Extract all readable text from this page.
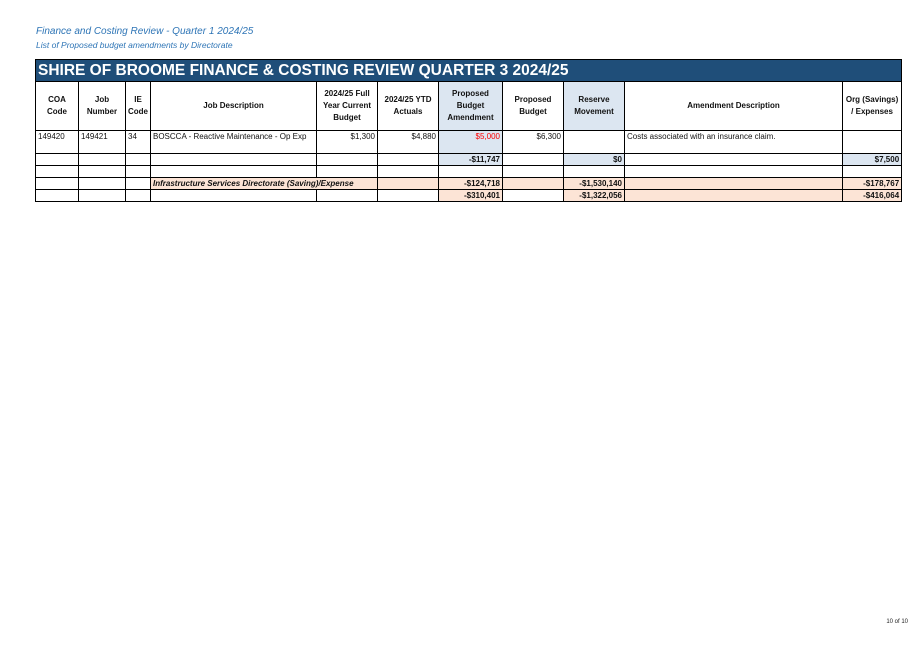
Finance and Costing Review - Quarter 1 2024/25
List of Proposed budget amendments by Directorate
SHIRE OF BROOME FINANCE & COSTING REVIEW QUARTER 3 2024/25										
COA Code	Job Number	IE Code	Job Description	2024/25 Full Year Current Budget	2024/25 YTD Actuals	Proposed Budget Amendment	Proposed Budget	Reserve Movement	Amendment Description	Org (Savings) / Expenses
149420	149421	34	BOSCCA - Reactive Maintenance - Op Exp	$1,300	$4,880	$5,000	$6,300		Costs associated with an insurance claim.	
						-$11,747		$0		$7,500

			Infrastructure Services Directorate (Saving)/Expense			-$124,718		-$1,530,140		-$178,767
						-$310,401		-$1,322,056		-$416,064
10 of 10
